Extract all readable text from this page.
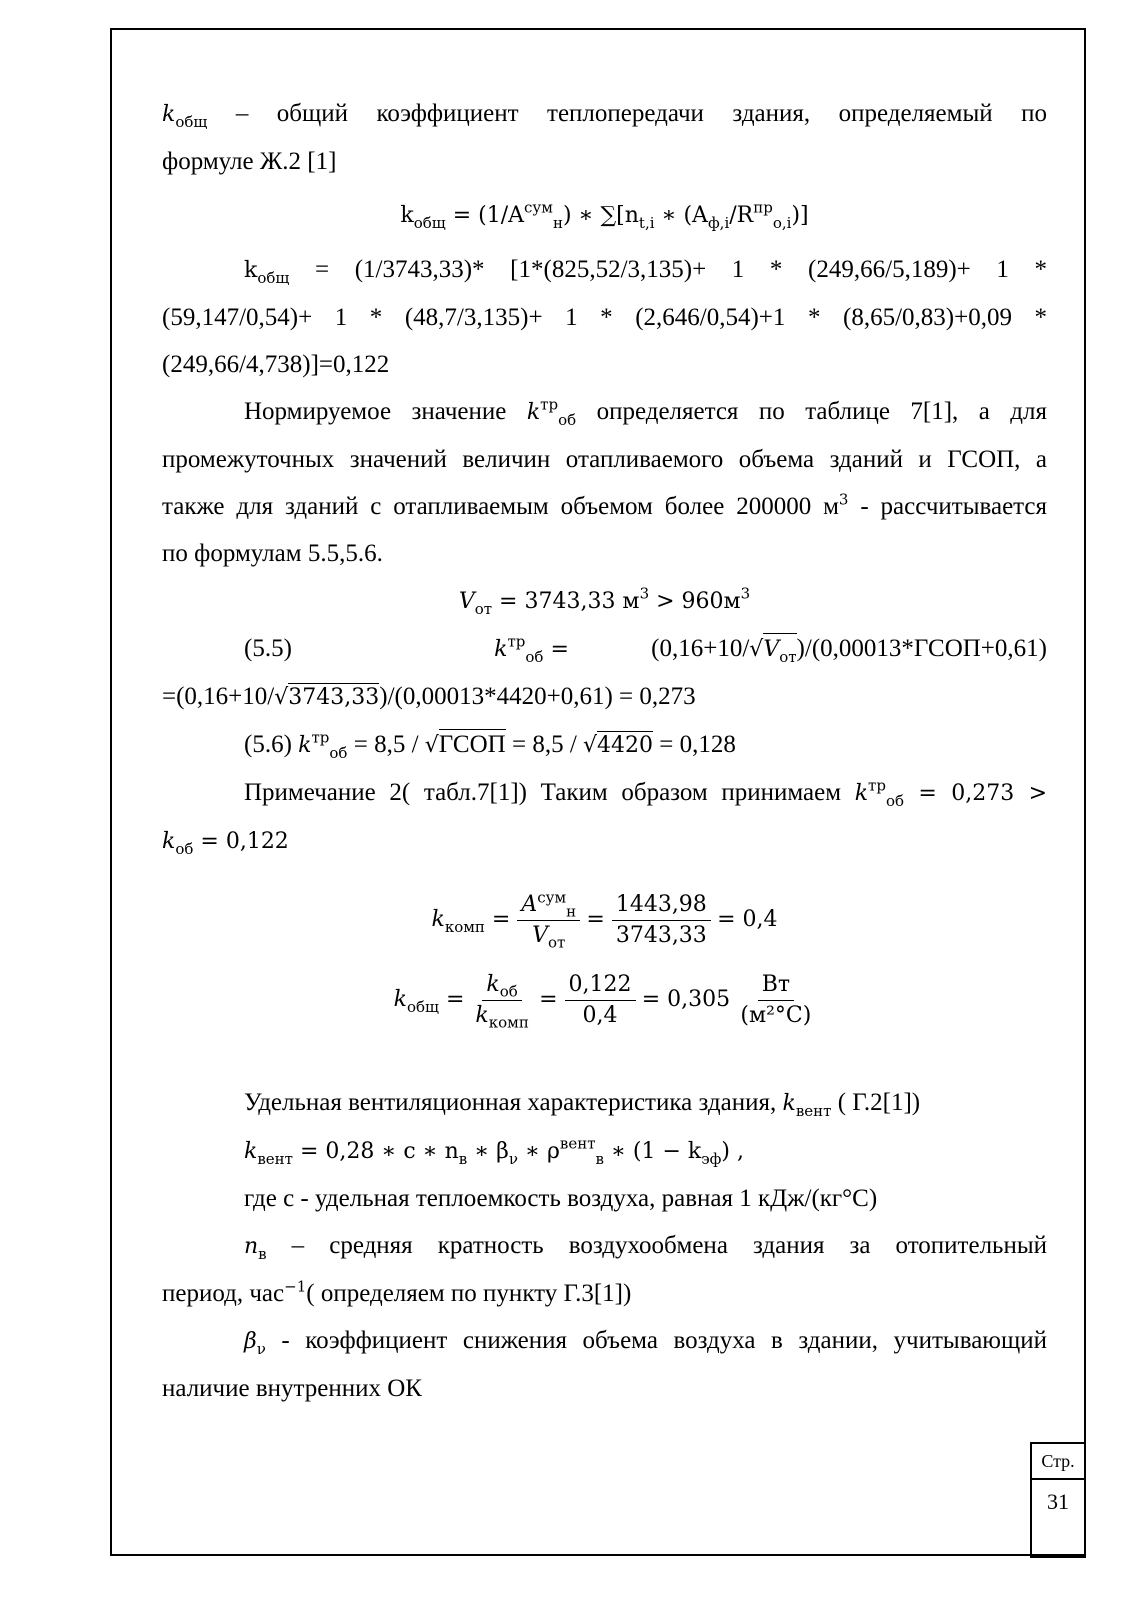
$k_{общ}$ – общий коэффициент теплопередачи здания, определяемый по

формуле Ж.2 [1]

$k_{общ} = (1/A^{сум}_н)$ ∗ $\sum[n_{t,i}$ ∗ $(A_{ф,i}/R^{пр}_{о,i})$]

$k_{общ} = (1/3743,33)*$ [1*(825,52/3,135)+ 1 * (249,66/5,189)+ 1 *

(59,147/0,54)+ 1 * (48,7/3,135)+ 1 * (2,646/0,54)+1 * (8,65/0,83)+0,09 *

(249,66/4,738)]=0,122

Нормируемое значение $k^{тр}_{об}$ определяется по таблице 7[1], а для

промежуточных значений величин отапливаемого объема зданий и ГСОП, а

также для зданий с отапливаемым объемом более 200000 $м^3$ - рассчитывается

по формулам 5.5,5.6.

$V_{от} = 3743,33$ $м^3 > 960м^3$

(5.5)	$k^{тр}_{об}$ =	$(0,16+10/√V_{от})/(0,00013*ГСОП+0,61)$

=(0,16+10/√3743,33)/(0,00013*4420+0,61) = 0,273

(5.6) $k^{тр}_{об} = 8,5$ / √ГСОП = 8,5 / √4420 = 0,128

Примечание 2( табл.7[1]) Таким образом принимаем $k^{тр}_{об} = 0,273$ >

$k_{об} = 0,122$

$k_{комп} = \frac{A^{сум}_н}{V_{от}} = \frac{1443,98}{3743,33} = 0,4$
$k_{общ} = \frac{k_{об}}{k_{комп}} = \frac{0,122}{0,4} = 0,305 \frac{Вт}{\text{(м²°С)}}$

Удельная вентиляционная характеристика здания, $k_{вент}$ ( Г.2[1])

$k_{вент} = 0,28$ ∗ c ∗ $n_в$ ∗ $\beta_\nu$ ∗ $\rho^{вент}_в$ ∗ $(1 - k_{эф})$ ,

где с - удельная теплоемкость воздуха, равная 1 кДж/(кг°С)

$n_в$ – средняя кратность воздухообмена здания за отопительный

период, час$^{-1}$( определяем по пункту Г.3[1])

$\beta_\nu$ - коэффициент снижения объема воздуха в здании, учитывающий

наличие внутренних ОК

Стр.
31
